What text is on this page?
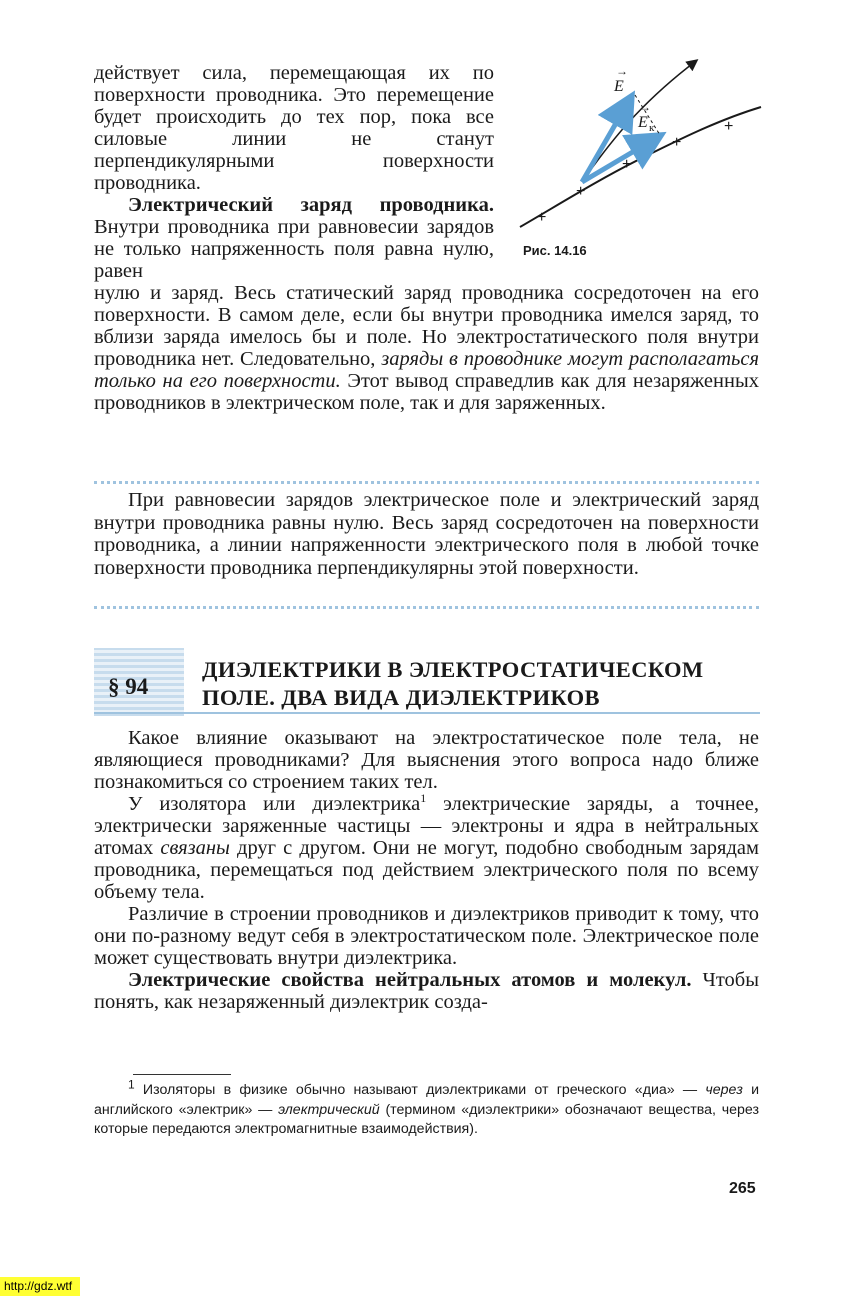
действует сила, перемещающая их по поверхности проводника. Это перемещение будет происходить до тех пор, пока все силовые линии не станут перпендикулярными поверхности проводника.

Электрический заряд проводника. Внутри проводника при равновесии зарядов не только напряженность поля равна нулю, равен

нулю и заряд. Весь статический заряд проводника сосредоточен на его поверхности. В самом деле, если бы внутри проводника имелся заряд, то вблизи заряда имелось бы и поле. Но электростатического поля внутри проводника нет. Следовательно, заряды в проводнике могут располагаться только на его поверхности. Этот вывод справедлив как для незаряженных проводников в электрическом поле, так и для заряженных.

E
→
E к
→
+
+
+
+
+
Рис. 14.16

При равновесии зарядов электрическое поле и электрический заряд внутри проводника равны нулю. Весь заряд сосредоточен на поверхности проводника, а линии напряженности электрического поля в любой точке поверхности проводника перпендикулярны этой поверхности.

§ 94
ДИЭЛЕКТРИКИ В ЭЛЕКТРОСТАТИЧЕСКОМ
ПОЛЕ. ДВА ВИДА ДИЭЛЕКТРИКОВ

Какое влияние оказывают на электростатическое поле тела, не являющиеся проводниками? Для выяснения этого вопроса надо ближе познакомиться со строением таких тел.

У изолятора или диэлектрика$^1$ электрические заряды, а точнее, электрически заряженные частицы — электроны и ядра в нейтральных атомах связаны друг с другом. Они не могут, подобно свободным зарядам проводника, перемещаться под действием электрического поля по всему объему тела.

Различие в строении проводников и диэлектриков приводит к тому, что они по-разному ведут себя в электростатическом поле. Электрическое поле может существовать внутри диэлектрика.

Электрические свойства нейтральных атомов и молекул. Чтобы понять, как незаряженный диэлектрик созда-

$^1$ Изоляторы в физике обычно называют диэлектриками от греческого «диа» — через и английского «электрик» — электрический (термином «диэлектрики» обозначают вещества, через которые передаются электромагнитные взаимодействия).

265
http://gdz.wtf
